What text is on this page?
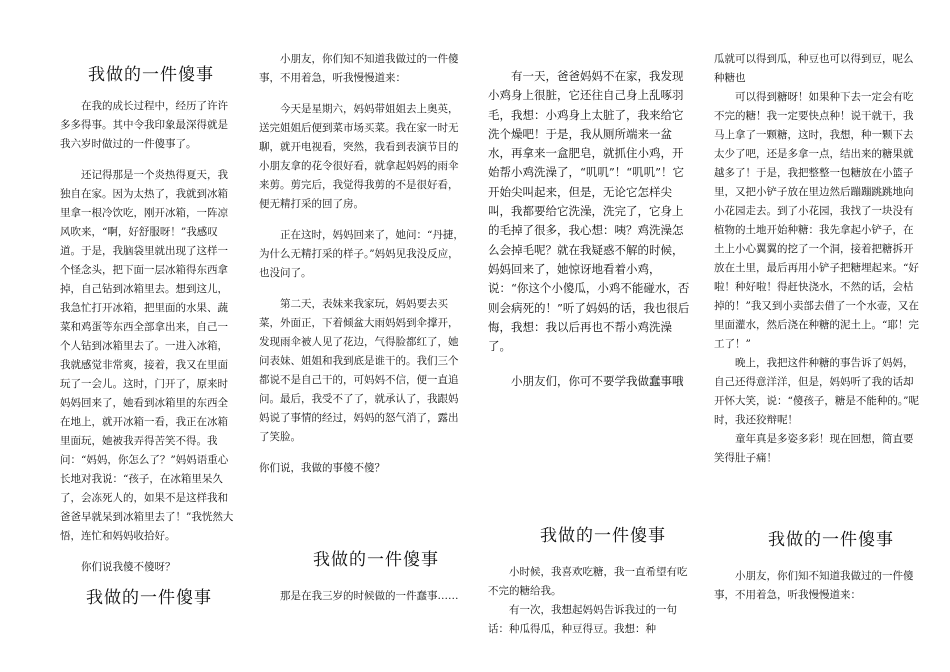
我做的一件傻事

在我的成长过程中，经历了许许多多得事。其中令我印象最深得就是我六岁时做过的一件傻事了。

还记得那是一个炎热得夏天，我独自在家。因为太热了，我就到冰箱里拿一根冷饮吃，刚开冰箱，一阵凉风吹来，“啊，好舒服呀！”我感叹道。于是，我脑袋里就出现了这样一个怪念头，把下面一层冰箱得东西拿掉，自己钻到冰箱里去。想到这儿，我急忙打开冰箱，把里面的水果、蔬菜和鸡蛋等东西全部拿出来，自己一个人钻到冰箱里去了。一进入冰箱，我就感觉非常爽，接着，我又在里面玩了一会儿。这时，门开了，原来时妈妈回来了，她看到冰箱里的东西全在地上，就开冰箱一看，我正在冰箱里面玩，她被我弄得苦笑不得。我问：“妈妈，你怎么了？”妈妈语重心长地对我说：“孩子，在冰箱里呆久了，会冻死人的，如果不是这样我和爸爸早就呆到冰箱里去了！”我恍然大悟，连忙和妈妈收拾好。

你们说我傻不傻呀？

我做的一件傻事

小朋友，你们知不知道我做过的一件傻事，不用着急，听我慢慢道来：

今天是星期六，妈妈带姐姐去上奥英，送完姐姐后便到菜市场买菜。我在家一时无聊，就开电视看，突然，我看到表演节目的小朋友拿的花令很好看，就拿起妈妈的雨伞来剪。剪完后，我觉得我剪的不是很好看，便无精打采的回了房。

正在这时，妈妈回来了，她问：“丹捷，为什么无精打采的样子。”妈妈见我没反应，也没问了。

第二天，表妹来我家玩，妈妈要去买菜，外面正，下着倾盆大雨妈妈到伞撑开，发现雨伞被人见了花边，气得脸都红了，她问表妹、姐姐和我到底是谁干的。我们三个都说不是自己干的，可妈妈不信，便一直追问。最后，我受不了了，就承认了，我跟妈妈说了事情的经过，妈妈的怒气消了，露出了笑脸。

你们说，我做的事傻不傻？

我做的一件傻事

那是在我三岁的时候做的一件蠢事……

有一天，爸爸妈妈不在家，我发现小鸡身上很脏，它还往自己身上乱啄羽毛，我想：小鸡身上太脏了，我来给它洗个燥吧！于是，我从厕所端来一盆水，再拿来一盒肥皂，就抓住小鸡，开始帮小鸡洗澡了，“叽叽”！“叽叽”！它开始尖叫起来，但是，无论它怎样尖叫，我都要给它洗澡，洗完了，它身上的毛掉了很多，我心想：咦？鸡洗澡怎么会掉毛呢？就在我疑惑不解的时候，妈妈回来了，她惊讶地看着小鸡，说：“你这个小傻瓜，小鸡不能碰水，否则会病死的！”听了妈妈的话，我也很后悔，我想：我以后再也不帮小鸡洗澡了。

小朋友们，你可不要学我做蠢事哦

我做的一件傻事

小时候，我喜欢吃糖，我一直希望有吃不完的糖给我。

有一次，我想起妈妈告诉我过的一句话：种瓜得瓜，种豆得豆。我想：种

瓜就可以得到瓜，种豆也可以得到豆，呢么种糖也

可以得到糖呀！如果种下去一定会有吃不完的糖！我一定要快点种！说干就干，我马上拿了一颗糖，这时，我想，种一颗下去太少了吧，还是多拿一点，结出来的糖果就越多了！于是，我把整整一包糖放在小篮子里，又把小铲子放在里边然后蹦蹦跳跳地向小花园走去。到了小花园，我找了一块没有植物的土地开始种糖：我先拿起小铲子，在土上小心翼翼的挖了一个洞，接着把糖拆开放在土里，最后再用小铲子把糖埋起来。“好啦！种好啦！得赶快浇水，不然的话，会枯掉的！”我又到小卖部去借了一个水壶，又在里面灌水，然后浇在种糖的泥土上。“耶！完工了！”

晚上，我把这件种糖的事告诉了妈妈，自己还得意洋洋，但是，妈妈听了我的话却开怀大笑，说：“傻孩子，糖是不能种的。”呢时，我还狡辩呢！

童年真是多姿多彩！现在回想，简直要笑得肚子痛！

我做的一件傻事

小朋友，你们知不知道我做过的一件傻事，不用着急，听我慢慢道来：
